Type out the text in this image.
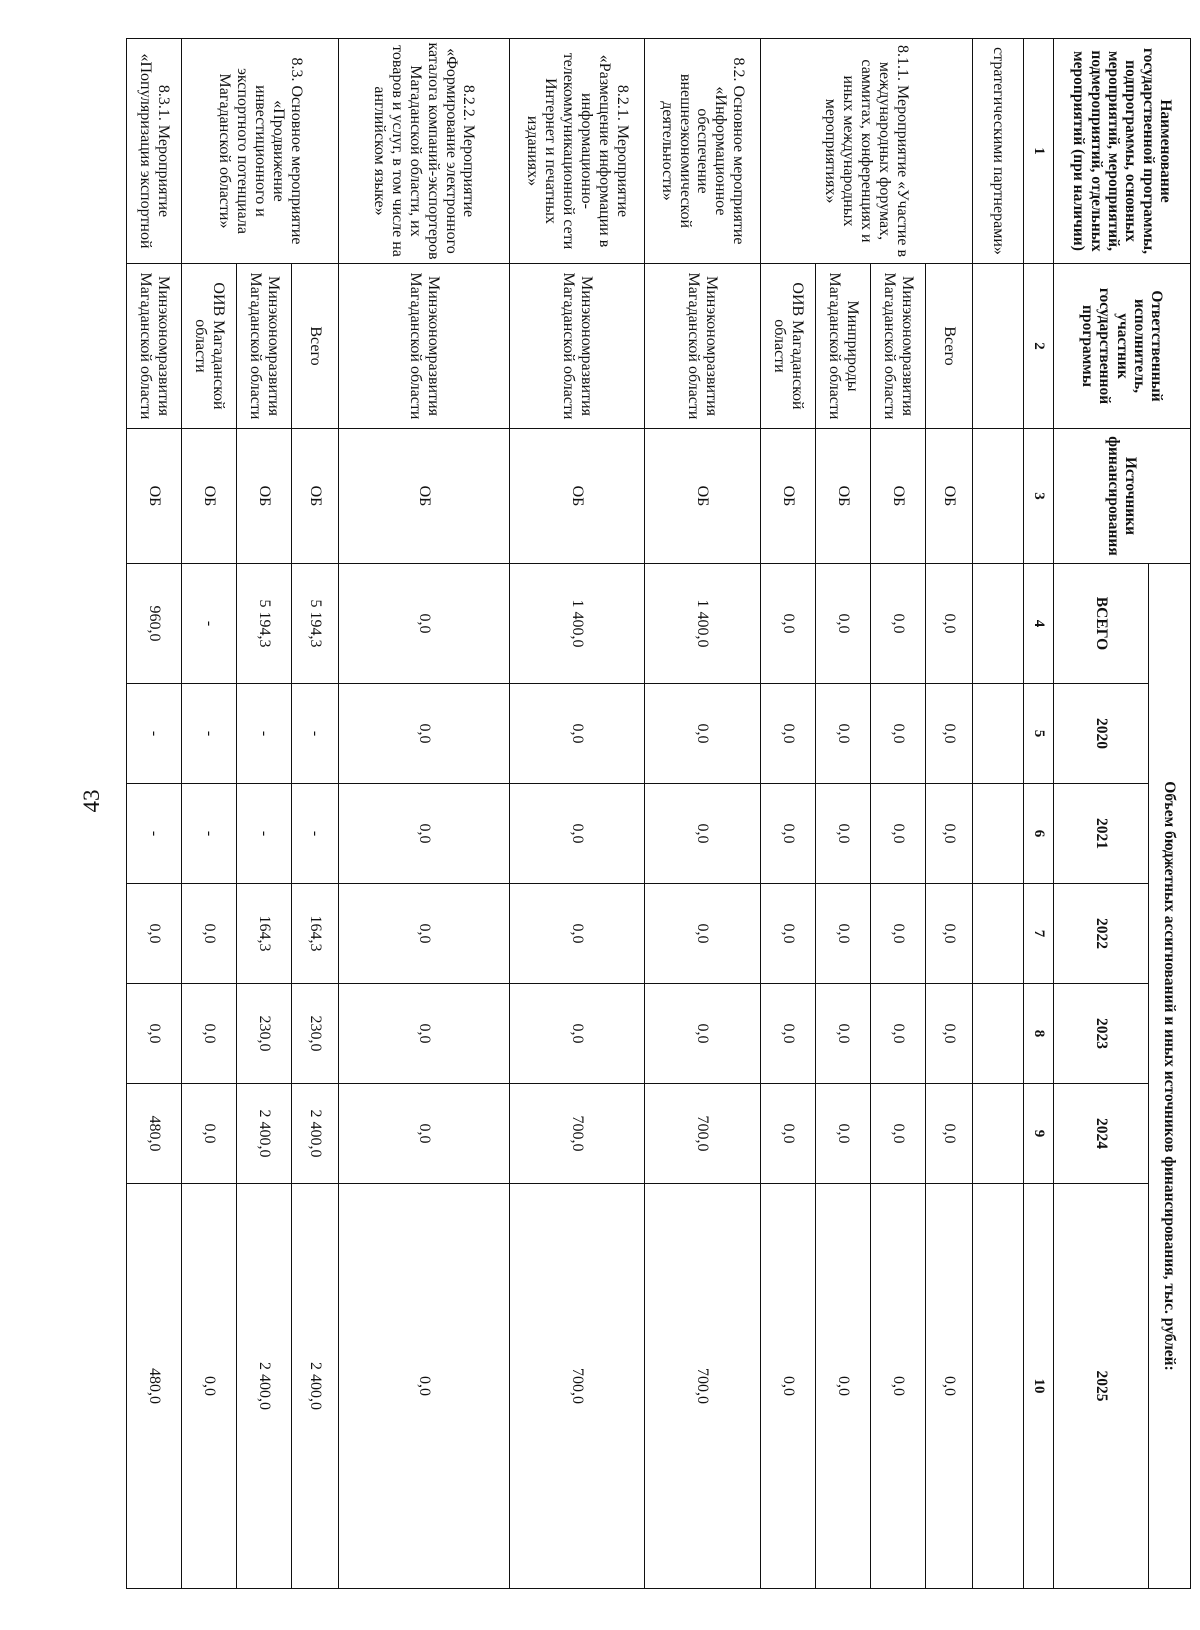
43
Наименование государственной программы, подпрограммы, основных мероприятий, мероприятий, подмероприятий, отдельных мероприятий (при наличии)	Ответственный исполнитель, участник государственной программы	Источники финансирования	Объем бюджетных ассигнований и иных источников финансирования, тыс. рублей:						
			ВСЕГО	2020	2021	2022	2023	2024	2025
1	2	3	4	5	6	7	8	9	10
стратегическими партнерами»									
8.1.1. Мероприятие «Участие в международных форумах, саммитах, конференциях и иных международных мероприятиях»	Всего	ОБ	0,0	0,0	0,0	0,0	0,0	0,0	0,0
	Минэкономразвития Магаданской области	ОБ	0,0	0,0	0,0	0,0	0,0	0,0	0,0
	Минприроды Магаданской области	ОБ	0,0	0,0	0,0	0,0	0,0	0,0	0,0
	ОИВ Магаданской области	ОБ	0,0	0,0	0,0	0,0	0,0	0,0	0,0
8.2. Основное мероприятие «Информационное обеспечение внешнеэкономической деятельности»	Минэкономразвития Магаданской области	ОБ	1 400,0	0,0	0,0	0,0	0,0	700,0	700,0
8.2.1. Мероприятие «Размещение информации в информационно-телекоммуникационной сети Интернет и печатных изданиях»	Минэкономразвития Магаданской области	ОБ	1 400,0	0,0	0,0	0,0	0,0	700,0	700,0
8.2.2. Мероприятие «Формирование электронного каталога компаний-экспортеров Магаданской области, их товаров и услуг, в том числе на английском языке»	Минэкономразвития Магаданской области	ОБ	0,0	0,0	0,0	0,0	0,0	0,0	0,0
8.3. Основное мероприятие «Продвижение инвестиционного и экспортного потенциала Магаданской области»	Всего	ОБ	5 194,3	-	-	164,3	230,0	2 400,0	2 400,0
	Минэкономразвития Магаданской области	ОБ	5 194,3	-	-	164,3	230,0	2 400,0	2 400,0
	ОИВ Магаданской области	ОБ	-	-	-	0,0	0,0	0,0	0,0
8.3.1. Мероприятие «Популяризация экспортной	Минэкономразвития Магаданской области	ОБ	960,0	-	-	0,0	0,0	480,0	480,0
